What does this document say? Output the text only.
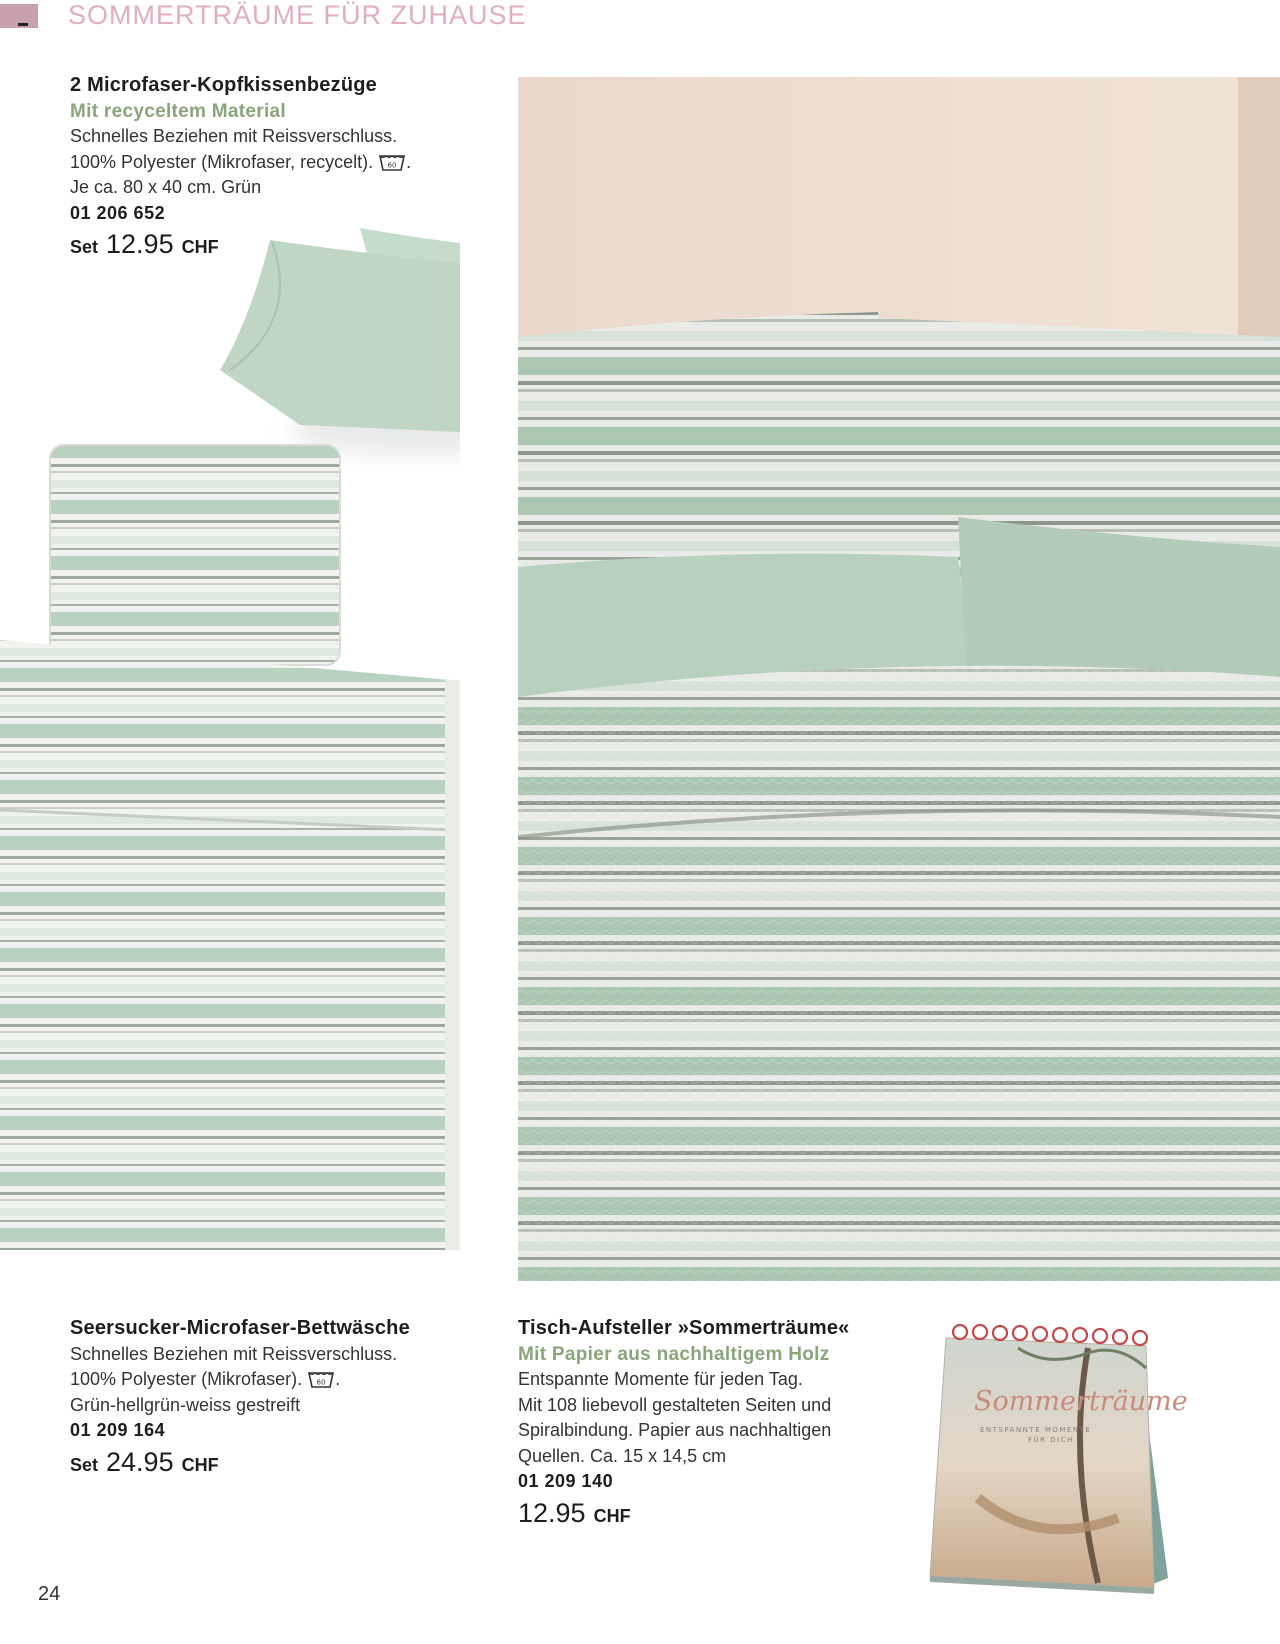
SOMMERTRÄUME FÜR ZUHAUSE
2 Microfaser-Kopfkissenbezüge
Mit recyceltem Material
Schnelles Beziehen mit Reissverschluss.
100% Polyester (Mikrofaser, recycelt). 60 .
Je ca. 80 x 40 cm. Grün
01 206 652
Set 12.95 CHF
Seersucker-Microfaser-Bettwäsche
Schnelles Beziehen mit Reissverschluss.
100% Polyester (Mikrofaser). 60 .
Grün-hellgrün-weiss gestreift
01 209 164
Set 24.95 CHF
Tisch-Aufsteller »Sommerträume«
Mit Papier aus nachhaltigem Holz
Entspannte Momente für jeden Tag.
Mit 108 liebevoll gestalteten Seiten und
Spiralbindung. Papier aus nachhaltigen
Quellen. Ca. 15 x 14,5 cm
01 209 140
12.95 CHF
Sommerträume
ENTSPANNTE MOMENTE
FÜR DICH
24
